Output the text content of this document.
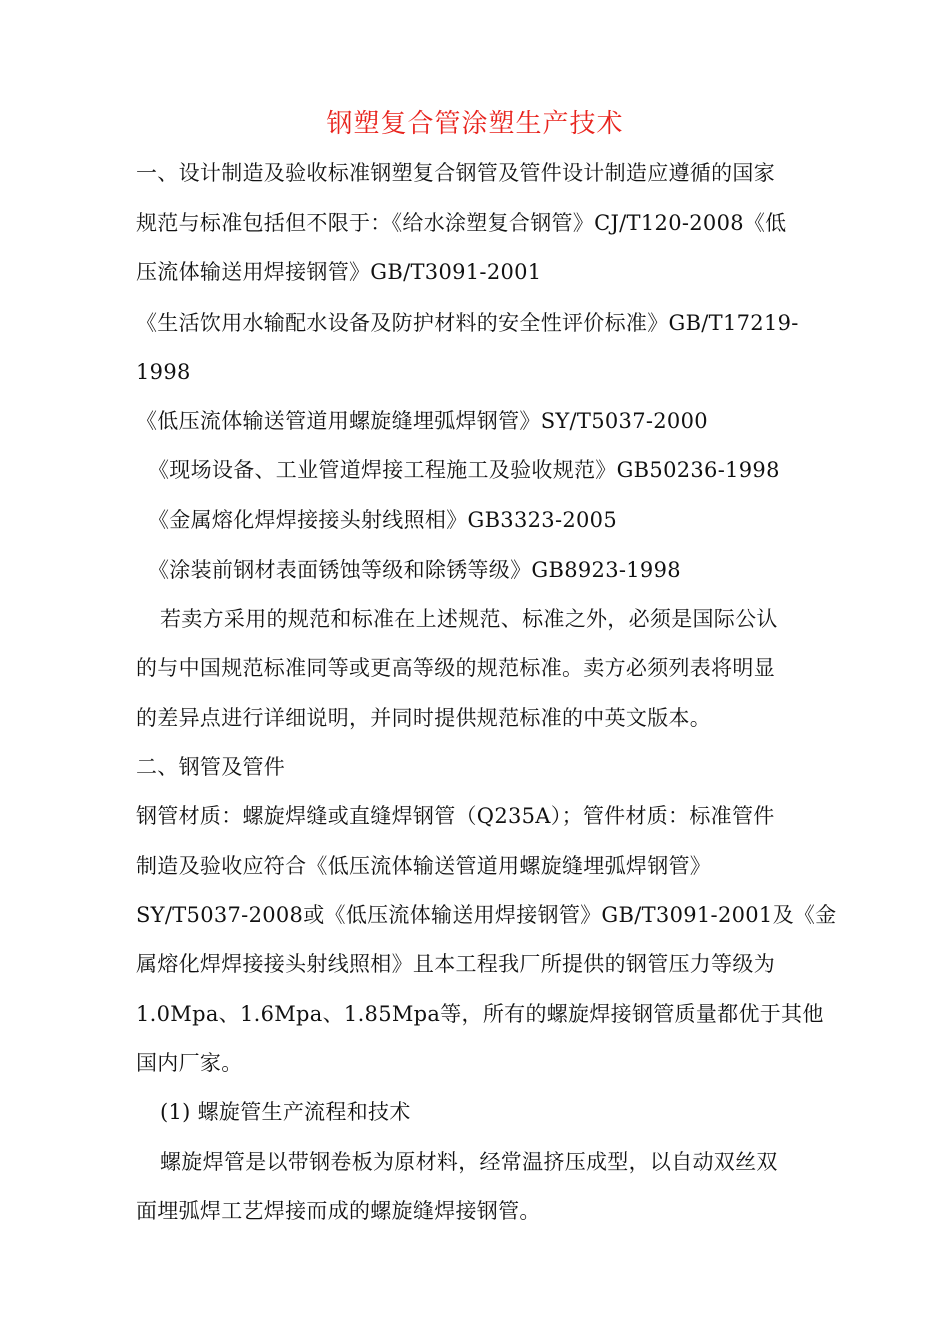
钢塑复合管涂塑生产技术
一、设计制造及验收标准钢塑复合钢管及管件设计制造应遵循的国家
规范与标准包括但不限于：《给水涂塑复合钢管》CJ/T120-2008《低
压流体输送用焊接钢管》GB/T3091-2001
《生活饮用水输配水设备及防护材料的安全性评价标准》GB/T17219-
1998
《低压流体输送管道用螺旋缝埋弧焊钢管》SY/T5037-2000
《现场设备、工业管道焊接工程施工及验收规范》GB50236-1998
《金属熔化焊焊接接头射线照相》GB3323-2005
《涂装前钢材表面锈蚀等级和除锈等级》GB8923-1998
若卖方采用的规范和标准在上述规范、标准之外，必须是国际公认
的与中国规范标准同等或更高等级的规范标准。卖方必须列表将明显
的差异点进行详细说明，并同时提供规范标准的中英文版本。
二、钢管及管件
钢管材质：螺旋焊缝或直缝焊钢管（Q235A）；管件材质：标准管件
制造及验收应符合《低压流体输送管道用螺旋缝埋弧焊钢管》
SY/T5037-2008或《低压流体输送用焊接钢管》GB/T3091-2001及《金
属熔化焊焊接接头射线照相》且本工程我厂所提供的钢管压力等级为
1.0Mpa、1.6Mpa、1.85Mpa等，所有的螺旋焊接钢管质量都优于其他
国内厂家。
(1) 螺旋管生产流程和技术
螺旋焊管是以带钢卷板为原材料，经常温挤压成型，以自动双丝双
面埋弧焊工艺焊接而成的螺旋缝焊接钢管。
